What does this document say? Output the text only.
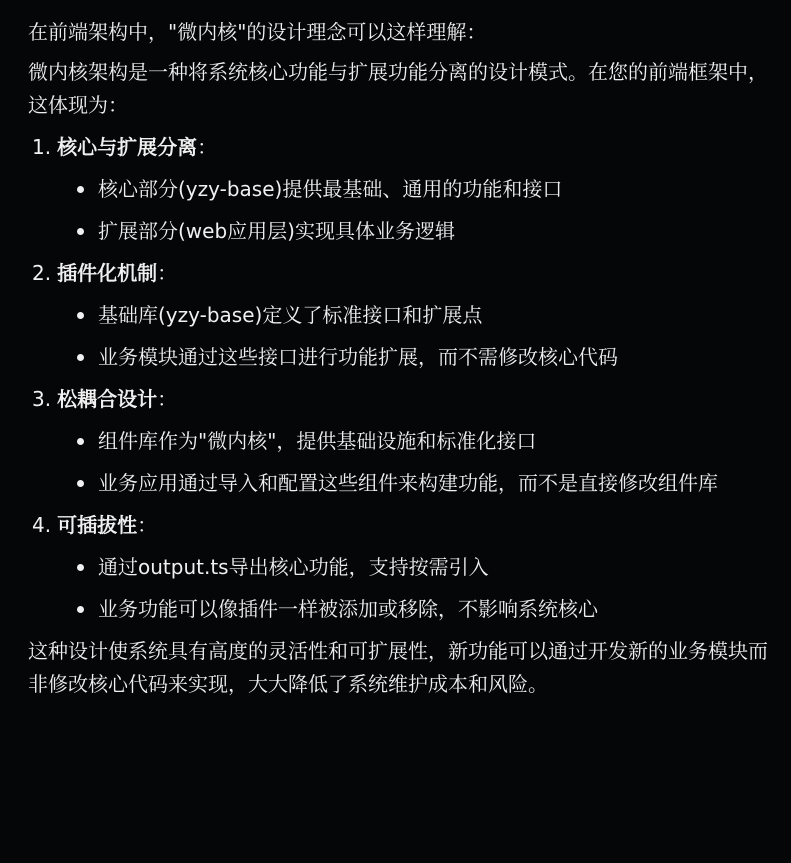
在前端架构中，"微内核"的设计理念可以这样理解：

微内核架构是一种将系统核心功能与扩展功能分离的设计模式。在您的前端框架中，这体现为：

1. 核心与扩展分离：
核心部分(yzy-base)提供最基础、通用的功能和接口
扩展部分(web应用层)实现具体业务逻辑
2. 插件化机制：
基础库(yzy-base)定义了标准接口和扩展点
业务模块通过这些接口进行功能扩展，而不需修改核心代码
3. 松耦合设计：
组件库作为"微内核"，提供基础设施和标准化接口
业务应用通过导入和配置这些组件来构建功能，而不是直接修改组件库
4. 可插拔性：
通过output.ts导出核心功能，支持按需引入
业务功能可以像插件一样被添加或移除，不影响系统核心

这种设计使系统具有高度的灵活性和可扩展性，新功能可以通过开发新的业务模块而非修改核心代码来实现，大大降低了系统维护成本和风险。
